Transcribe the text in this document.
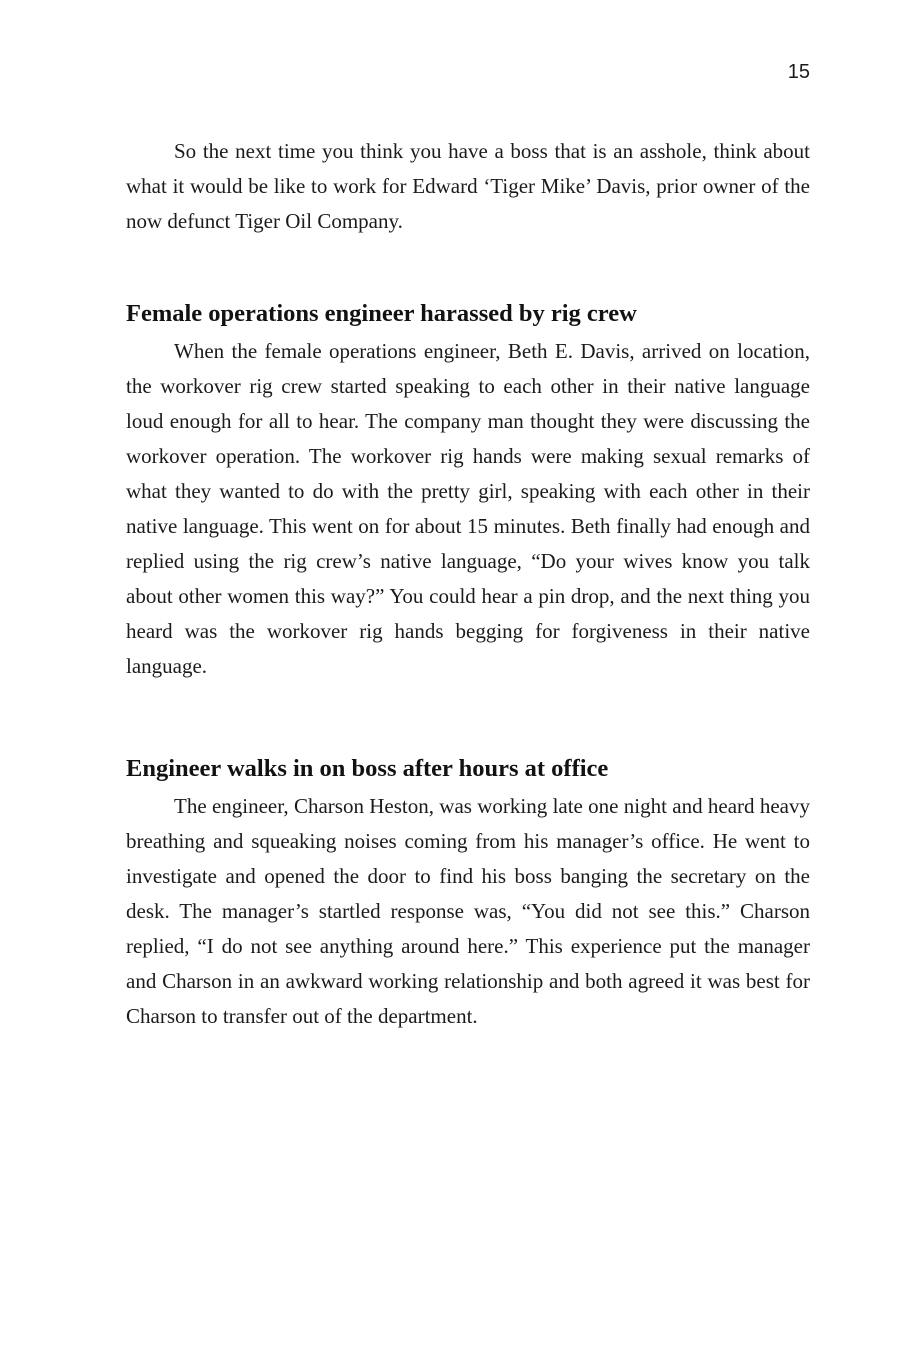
15

So the next time you think you have a boss that is an asshole, think about what it would be like to work for Edward ‘Tiger Mike’ Davis, prior owner of the now defunct Tiger Oil Company.

Female operations engineer harassed by rig crew

When the female operations engineer, Beth E. Davis, arrived on location, the workover rig crew started speaking to each other in their native language loud enough for all to hear. The company man thought they were discussing the workover operation. The workover rig hands were making sexual remarks of what they wanted to do with the pretty girl, speaking with each other in their native language. This went on for about 15 minutes. Beth finally had enough and replied using the rig crew’s native language, “Do your wives know you talk about other women this way?” You could hear a pin drop, and the next thing you heard was the workover rig hands begging for forgiveness in their native language.

Engineer walks in on boss after hours at office

The engineer, Charson Heston, was working late one night and heard heavy breathing and squeaking noises coming from his manager’s office. He went to investigate and opened the door to find his boss banging the secretary on the desk. The manager’s startled response was, “You did not see this.” Charson replied, “I do not see anything around here.” This experience put the manager and Charson in an awkward working relationship and both agreed it was best for Charson to transfer out of the department.
